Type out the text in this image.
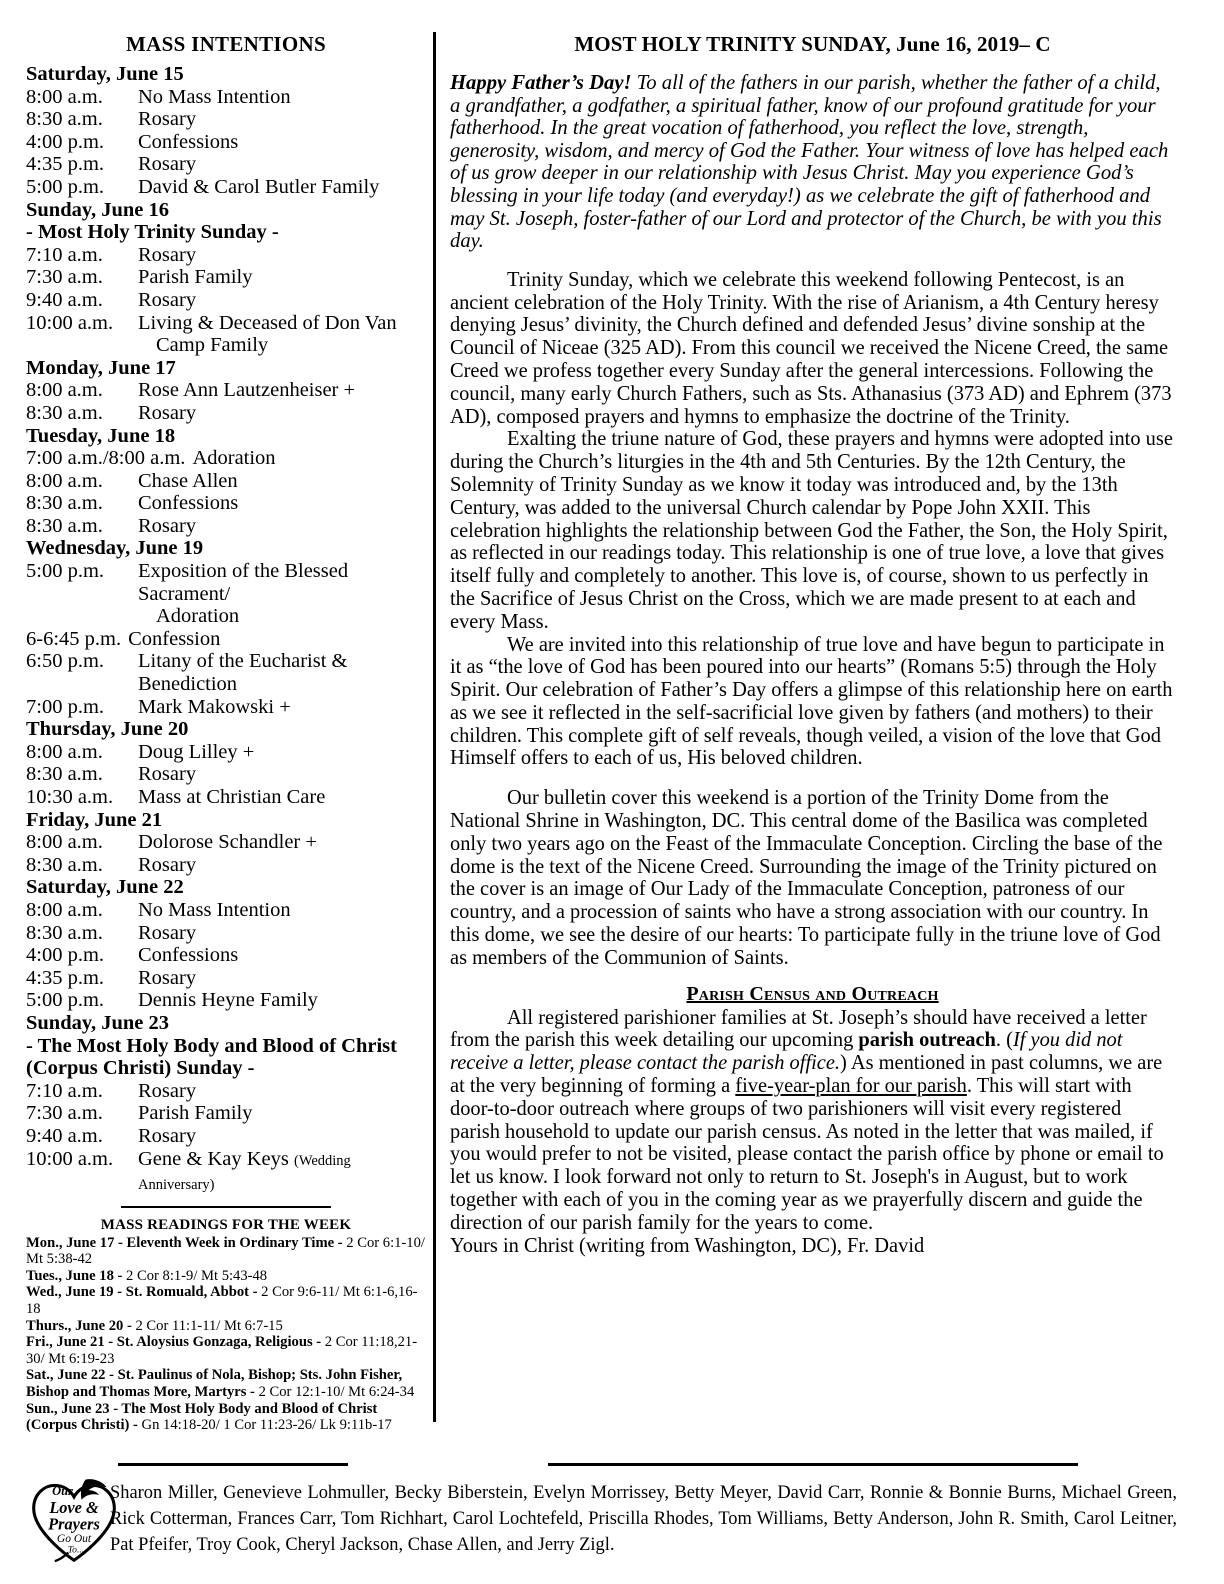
MASS INTENTIONS
Saturday, June 15
8:00 a.m.	No Mass Intention
8:30 a.m.	Rosary
4:00 p.m.	Confessions
4:35 p.m.	Rosary
5:00 p.m.	David & Carol Butler Family
Sunday, June 16
- Most Holy Trinity Sunday -
7:10 a.m.	Rosary
7:30 a.m.	Parish Family
9:40 a.m.	Rosary
10:00 a.m.	Living & Deceased of Don Van
Camp Family
Monday, June 17
8:00 a.m.	Rose Ann Lautzenheiser +
8:30 a.m.	Rosary
Tuesday, June 18
7:00 a.m./8:00 a.m. Adoration
8:00 a.m.	Chase Allen
8:30 a.m.	Confessions
8:30 a.m.	Rosary
Wednesday, June 19
5:00 p.m.	Exposition of the Blessed Sacrament/
Adoration
6-6:45 p.m. Confession
6:50 p.m.	Litany of the Eucharist & Benediction
7:00 p.m.	Mark Makowski +
Thursday, June 20
8:00 a.m.	Doug Lilley +
8:30 a.m.	Rosary
10:30 a.m.	Mass at Christian Care
Friday, June 21
8:00 a.m.	Dolorose Schandler +
8:30 a.m.	Rosary
Saturday, June 22
8:00 a.m.	No Mass Intention
8:30 a.m.	Rosary
4:00 p.m.	Confessions
4:35 p.m.	Rosary
5:00 p.m.	Dennis Heyne Family
Sunday, June 23
- The Most Holy Body and Blood of Christ
(Corpus Christi) Sunday -
7:10 a.m.	Rosary
7:30 a.m.	Parish Family
9:40 a.m.	Rosary
10:00 a.m.	Gene & Kay Keys (Wedding Anniversary)
MASS READINGS FOR THE WEEK
Mon., June 17 - Eleventh Week in Ordinary Time - 2 Cor 6:1-10/ Mt 5:38-42
Tues., June 18 - 2 Cor 8:1-9/ Mt 5:43-48
Wed., June 19 - St. Romuald, Abbot - 2 Cor 9:6-11/ Mt 6:1-6,16-18
Thurs., June 20 - 2 Cor 11:1-11/ Mt 6:7-15
Fri., June 21 - St. Aloysius Gonzaga, Religious - 2 Cor 11:18,21-30/ Mt 6:19-23
Sat., June 22 - St. Paulinus of Nola, Bishop; Sts. John Fisher, Bishop and Thomas More, Martyrs - 2 Cor 12:1-10/ Mt 6:24-34
Sun., June 23 - The Most Holy Body and Blood of Christ (Corpus Christi) - Gn 14:18-20/ 1 Cor 11:23-26/ Lk 9:11b-17
MOST HOLY TRINITY SUNDAY, June 16, 2019– C

Happy Father’s Day! To all of the fathers in our parish, whether the father of a child, a grandfather, a godfather, a spiritual father, know of our profound gratitude for your fatherhood. In the great vocation of fatherhood, you reflect the love, strength, generosity, wisdom, and mercy of God the Father. Your witness of love has helped each of us grow deeper in our relationship with Jesus Christ. May you experience God’s blessing in your life today (and everyday!) as we celebrate the gift of fatherhood and may St. Joseph, foster-father of our Lord and protector of the Church, be with you this day.

Trinity Sunday, which we celebrate this weekend following Pentecost, is an ancient celebration of the Holy Trinity. With the rise of Arianism, a 4th Century heresy denying Jesus’ divinity, the Church defined and defended Jesus’ divine sonship at the Council of Niceae (325 AD). From this council we received the Nicene Creed, the same Creed we profess together every Sunday after the general intercessions. Following the council, many early Church Fathers, such as Sts. Athanasius (373 AD) and Ephrem (373 AD), composed prayers and hymns to emphasize the doctrine of the Trinity.

Exalting the triune nature of God, these prayers and hymns were adopted into use during the Church’s liturgies in the 4th and 5th Centuries. By the 12th Century, the Solemnity of Trinity Sunday as we know it today was introduced and, by the 13th Century, was added to the universal Church calendar by Pope John XXII. This celebration highlights the relationship between God the Father, the Son, the Holy Spirit, as reflected in our readings today. This relationship is one of true love, a love that gives itself fully and completely to another. This love is, of course, shown to us perfectly in the Sacrifice of Jesus Christ on the Cross, which we are made present to at each and every Mass.

We are invited into this relationship of true love and have begun to participate in it as “the love of God has been poured into our hearts” (Romans 5:5) through the Holy Spirit. Our celebration of Father’s Day offers a glimpse of this relationship here on earth as we see it reflected in the self-sacrificial love given by fathers (and mothers) to their children. This complete gift of self reveals, though veiled, a vision of the love that God Himself offers to each of us, His beloved children.

Our bulletin cover this weekend is a portion of the Trinity Dome from the National Shrine in Washington, DC. This central dome of the Basilica was completed only two years ago on the Feast of the Immaculate Conception. Circling the base of the dome is the text of the Nicene Creed. Surrounding the image of the Trinity pictured on the cover is an image of Our Lady of the Immaculate Conception, patroness of our country, and a procession of saints who have a strong association with our country. In this dome, we see the desire of our hearts: To participate fully in the triune love of God as members of the Communion of Saints.

Parish Census and Outreach

All registered parishioner families at St. Joseph’s should have received a letter from the parish this week detailing our upcoming parish outreach. (If you did not receive a letter, please contact the parish office.) As mentioned in past columns, we are at the very beginning of forming a five-year-plan for our parish. This will start with door-to-door outreach where groups of two parishioners will visit every registered parish household to update our parish census. As noted in the letter that was mailed, if you would prefer to not be visited, please contact the parish office by phone or email to let us know. I look forward not only to return to St. Joseph's in August, but to work together with each of you in the coming year as we prayerfully discern and guide the direction of our parish family for the years to come.

Yours in Christ (writing from Washington, DC), Fr. David

Our
Love &
Prayers
Go Out
To...
Sharon Miller, Genevieve Lohmuller, Becky Biberstein, Evelyn Morrissey, Betty Meyer, David Carr, Ronnie & Bonnie Burns, Michael Green, Rick Cotterman, Frances Carr, Tom Richhart, Carol Lochtefeld, Priscilla Rhodes, Tom Williams, Betty Anderson, John R. Smith, Carol Leitner, Pat Pfeifer, Troy Cook, Cheryl Jackson, Chase Allen, and Jerry Zigl.
